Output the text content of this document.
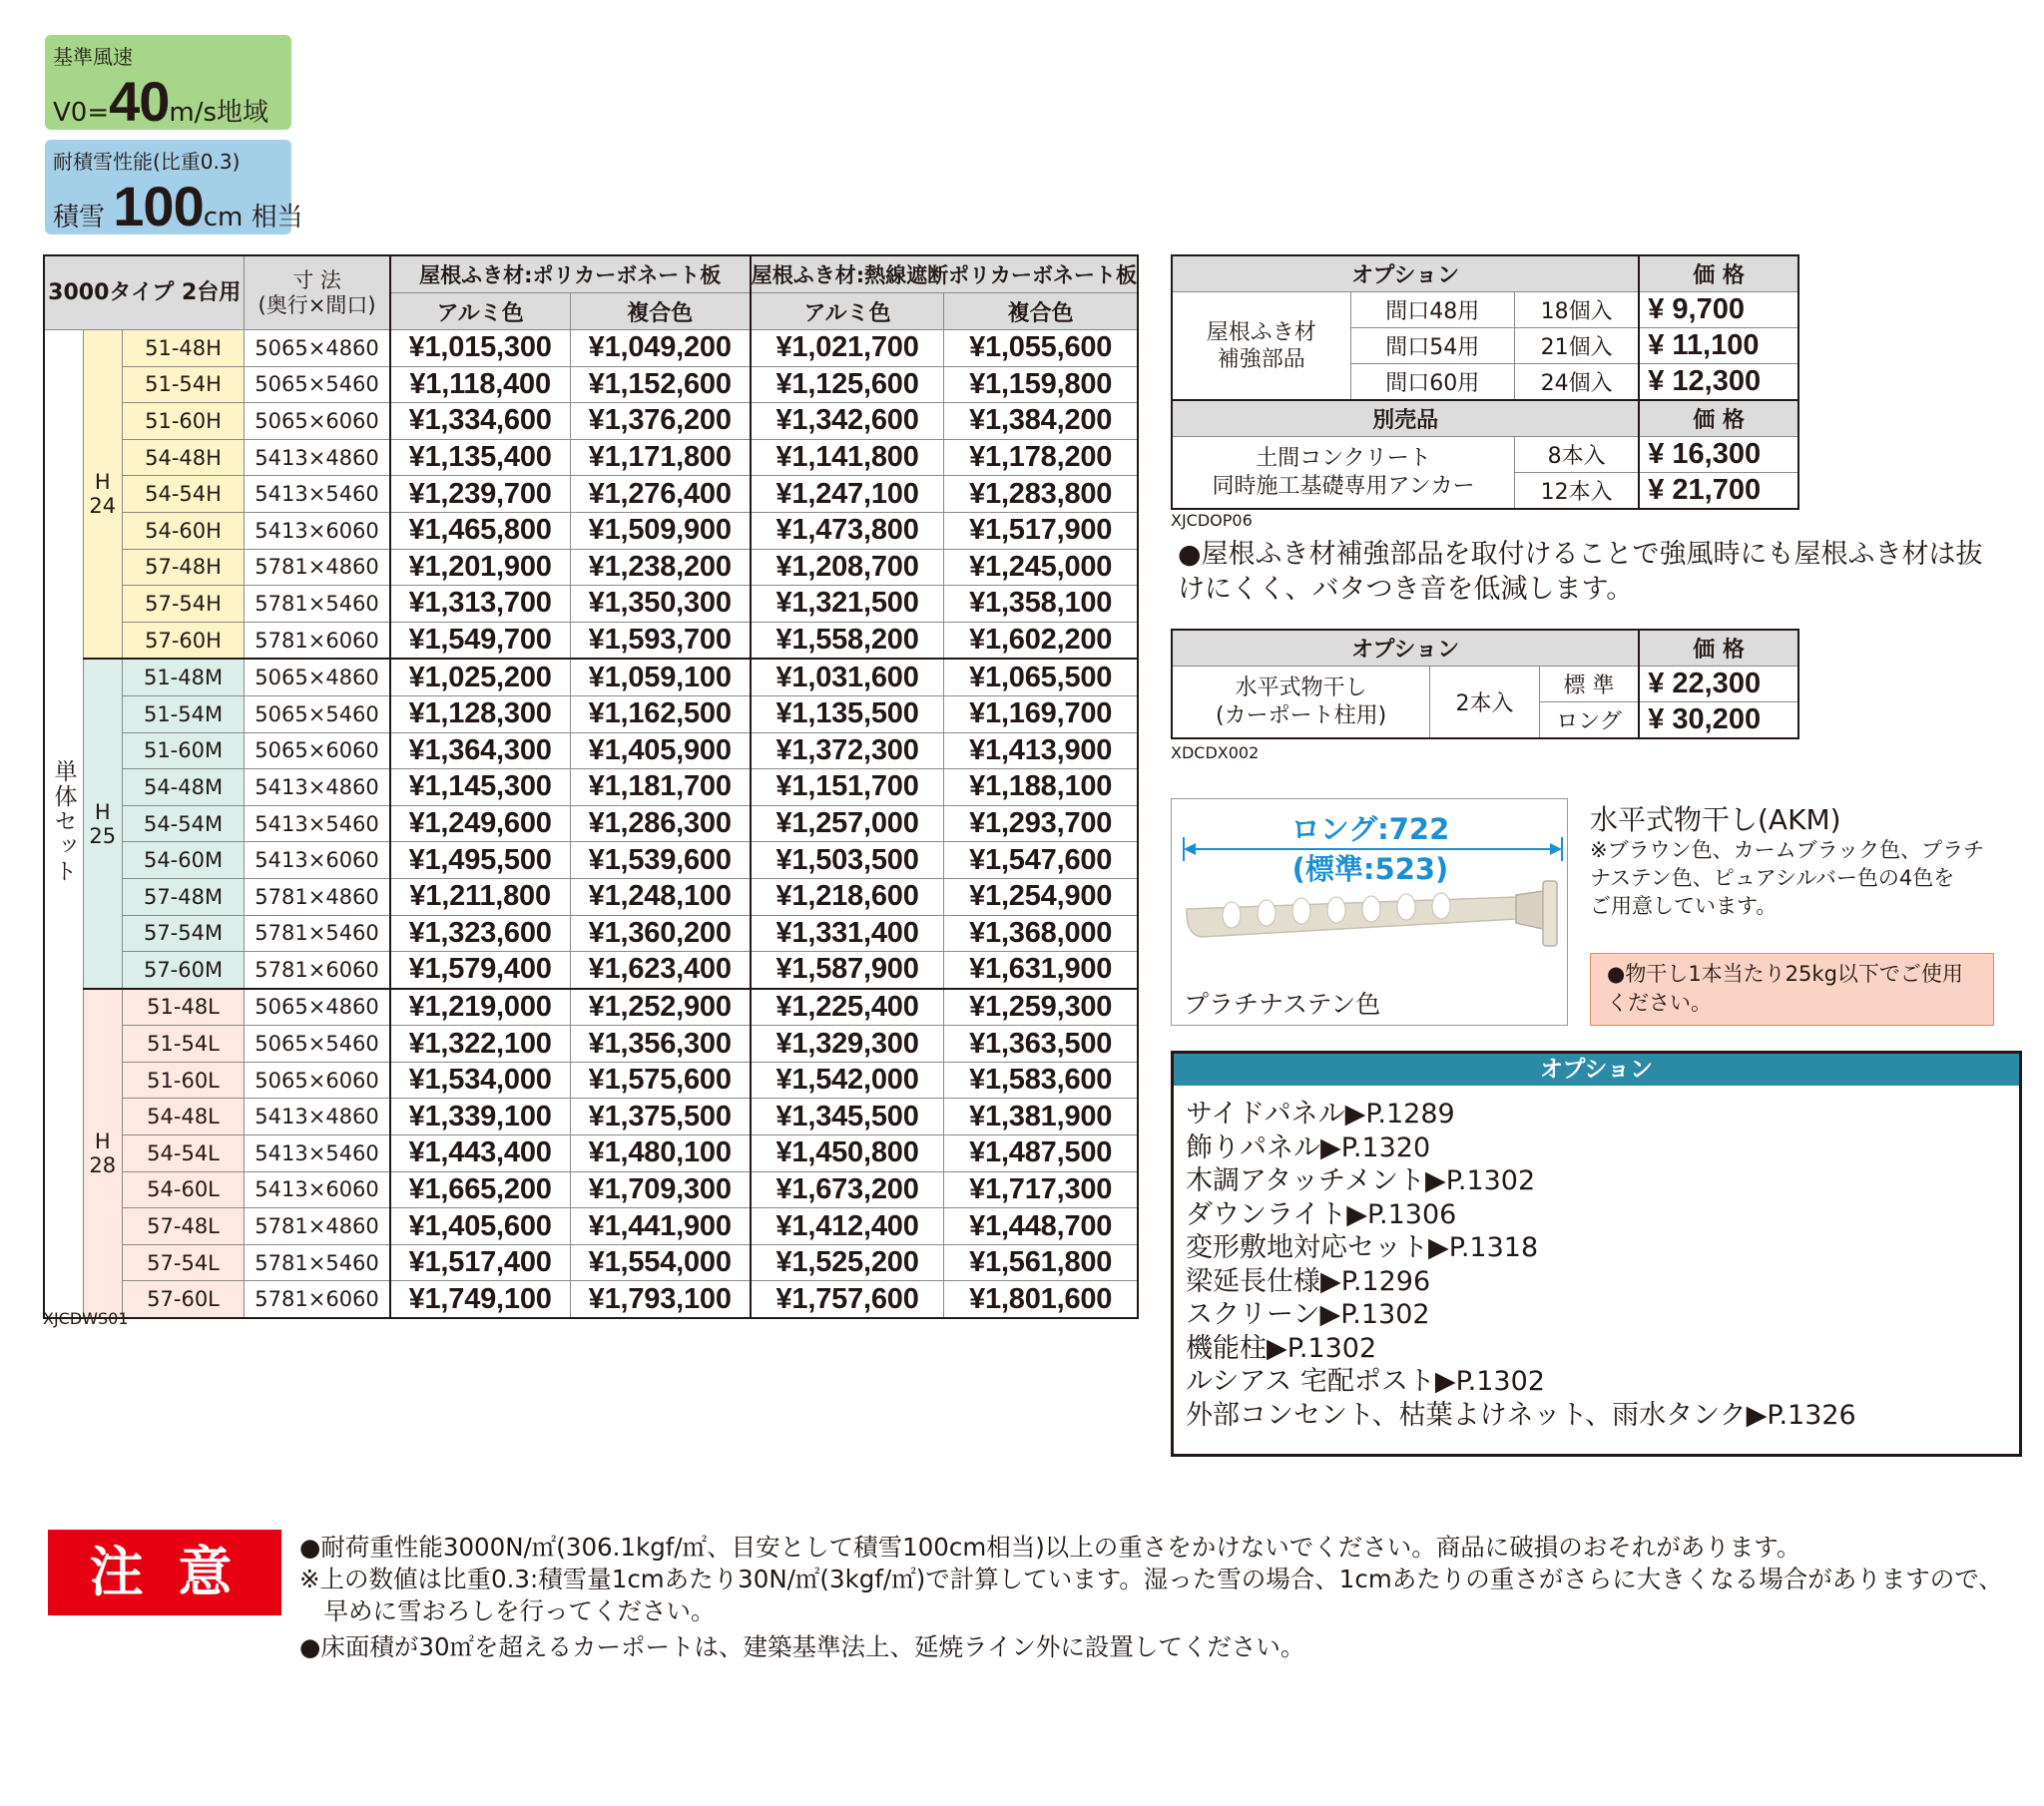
基準風速
V0=40m/s地域
耐積雪性能(比重0.3)
積雪 100cm 相当
3000タイプ 2台用			寸 法
(奥行×間口)	屋根ふき材:ポリカーボネート板		屋根ふき材:熱線遮断ポリカーボネート板	
				アルミ色	複合色	アルミ色	複合色
単体セット	H
24	51-48H	5065×4860	¥1,015,300	¥1,049,200	¥1,021,700	¥1,055,600
		51-54H	5065×5460	¥1,118,400	¥1,152,600	¥1,125,600	¥1,159,800
		51-60H	5065×6060	¥1,334,600	¥1,376,200	¥1,342,600	¥1,384,200
		54-48H	5413×4860	¥1,135,400	¥1,171,800	¥1,141,800	¥1,178,200
		54-54H	5413×5460	¥1,239,700	¥1,276,400	¥1,247,100	¥1,283,800
		54-60H	5413×6060	¥1,465,800	¥1,509,900	¥1,473,800	¥1,517,900
		57-48H	5781×4860	¥1,201,900	¥1,238,200	¥1,208,700	¥1,245,000
		57-54H	5781×5460	¥1,313,700	¥1,350,300	¥1,321,500	¥1,358,100
		57-60H	5781×6060	¥1,549,700	¥1,593,700	¥1,558,200	¥1,602,200

	H
25	51-48M	5065×4860	¥1,025,200	¥1,059,100	¥1,031,600	¥1,065,500
		51-54M	5065×5460	¥1,128,300	¥1,162,500	¥1,135,500	¥1,169,700
		51-60M	5065×6060	¥1,364,300	¥1,405,900	¥1,372,300	¥1,413,900
		54-48M	5413×4860	¥1,145,300	¥1,181,700	¥1,151,700	¥1,188,100
		54-54M	5413×5460	¥1,249,600	¥1,286,300	¥1,257,000	¥1,293,700
		54-60M	5413×6060	¥1,495,500	¥1,539,600	¥1,503,500	¥1,547,600
		57-48M	5781×4860	¥1,211,800	¥1,248,100	¥1,218,600	¥1,254,900
		57-54M	5781×5460	¥1,323,600	¥1,360,200	¥1,331,400	¥1,368,000
		57-60M	5781×6060	¥1,579,400	¥1,623,400	¥1,587,900	¥1,631,900

	H
28	51-48L	5065×4860	¥1,219,000	¥1,252,900	¥1,225,400	¥1,259,300
		51-54L	5065×5460	¥1,322,100	¥1,356,300	¥1,329,300	¥1,363,500
		51-60L	5065×6060	¥1,534,000	¥1,575,600	¥1,542,000	¥1,583,600
		54-48L	5413×4860	¥1,339,100	¥1,375,500	¥1,345,500	¥1,381,900
		54-54L	5413×5460	¥1,443,400	¥1,480,100	¥1,450,800	¥1,487,500
		54-60L	5413×6060	¥1,665,200	¥1,709,300	¥1,673,200	¥1,717,300
		57-48L	5781×4860	¥1,405,600	¥1,441,900	¥1,412,400	¥1,448,700
		57-54L	5781×5460	¥1,517,400	¥1,554,000	¥1,525,200	¥1,561,800
		57-60L	5781×6060	¥1,749,100	¥1,793,100	¥1,757,600	¥1,801,600
XJCDWS01
オプション			価 格
屋根ふき材
補強部品	間口48用	18個入	¥ 9,700
	間口54用	21個入	¥ 11,100
	間口60用	24個入	¥ 12,300
別売品			価 格
土間コンクリート
同時施工基礎専用アンカー		8本入	¥ 16,300
		12本入	¥ 21,700
XJCDOP06
●屋根ふき材補強部品を取付けることで強風時にも屋根ふき材は抜
けにくく、バタつき音を低減します。
オプション			価 格
水平式物干し
(カーポート柱用)	2本入	標 準	¥ 22,300
		ロング	¥ 30,200
XDCDX002
ロング:722
(標準:523)
プラチナステン色
水平式物干し(AKM)
※ブラウン色、カームブラック色、プラチ
ナステン色、ピュアシルバー色の4色を
ご用意しています。
●物干し1本当たり25kg以下でご使用
ください。
オプション
サイドパネル▶P.1289
飾りパネル▶P.1320
木調アタッチメント▶P.1302
ダウンライト▶P.1306
変形敷地対応セット▶P.1318
梁延長仕様▶P.1296
スクリーン▶P.1302
機能柱▶P.1302
ルシアス 宅配ポスト▶P.1302
外部コンセント、枯葉よけネット、雨水タンク▶P.1326
注 意	●耐荷重性能3000N/㎡(306.1kgf/㎡、目安として積雪100cm相当)以上の重さをかけないでください。商品に破損のおそれがあります。
※上の数値は比重0.3:積雪量1cmあたり30N/㎡(3kgf/㎡)で計算しています。湿った雪の場合、1cmあたりの重さがさらに大きくなる場合がありますので、
　早めに雪おろしを行ってください。
●床面積が30㎡を超えるカーポートは、建築基準法上、延焼ライン外に設置してください。
